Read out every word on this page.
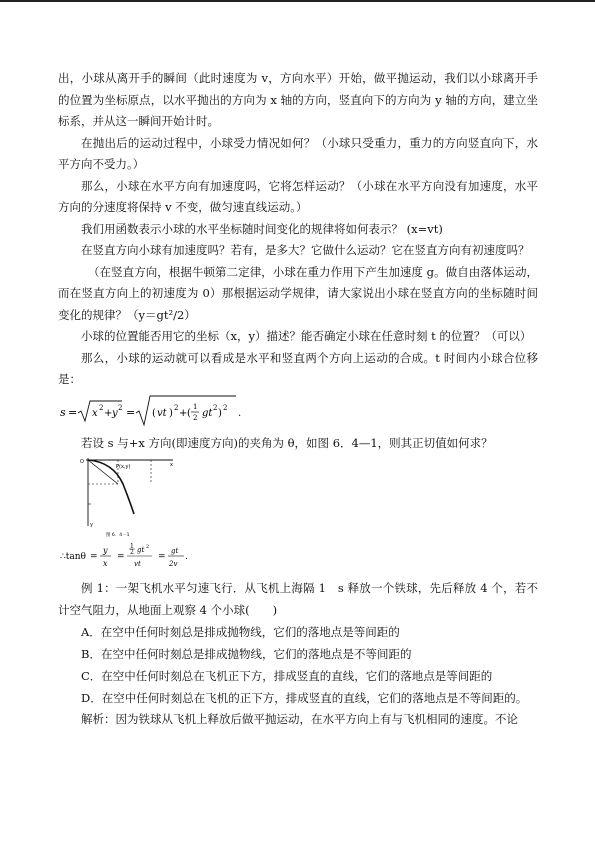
出，小球从离开手的瞬间（此时速度为 v，方向水平）开始，做平抛运动，我们以小球离开手的位置为坐标原点，以水平抛出的方向为 x 轴的方向，竖直向下的方向为 y 轴的方向，建立坐标系，并从这一瞬间开始计时。

在抛出后的运动过程中，小球受力情况如何？（小球只受重力，重力的方向竖直向下，水平方向不受力。）

那么，小球在水平方向有加速度吗，它将怎样运动？（小球在水平方向没有加速度，水平方向的分速度将保持 v 不变，做匀速直线运动。）

我们用函数表示小球的水平坐标随时间变化的规律将如何表示？ (x=vt)

在竖直方向小球有加速度吗？若有，是多大？它做什么运动？它在竖直方向有初速度吗？

（在竖直方向，根据牛顿第二定律，小球在重力作用下产生加速度 g。做自由落体运动，而在竖直方向上的初速度为 0）那根据运动学规律，请大家说出小球在竖直方向的坐标随时间变化的规律？（y＝gt²/2）

小球的位置能否用它的坐标（x，y）描述？能否确定小球在任意时刻 t 的位置？（可以）

那么，小球的运动就可以看成是水平和竖直两个方向上运动的合成。t 时间内小球合位移是：

s = x 2 + y 2 = ( vt ) 2 + (
1
2 gt 2 ) 2 .

若设 s 与+x 方向(即速度方向)的夹角为 θ，如图 6．4—1，则其正切值如何求？

O	x
y
P(x,y)
图 6．4－1
∴tanθ =
y
x
=
1
2 gt 2
vt
=
gt
2v
.

例 1：一架飞机水平匀速飞行．从飞机上海隔 1　s 释放一个铁球，先后释放 4 个，若不计空气阻力，从地面上观察 4 个小球(　　)

A．在空中任何时刻总是排成抛物线，它们的落地点是等间距的

B．在空中任何时刻总是排成抛物线，它们的落地点是不等间距的

C．在空中任何时刻总在飞机正下方，排成竖直的直线，它们的落地点是等间距的

D．在空中任何时刻总在飞机的正下方，排成竖直的直线，它们的落地点是不等间距的。

解析：因为铁球从飞机上释放后做平抛运动，在水平方向上有与飞机相同的速度。不论
